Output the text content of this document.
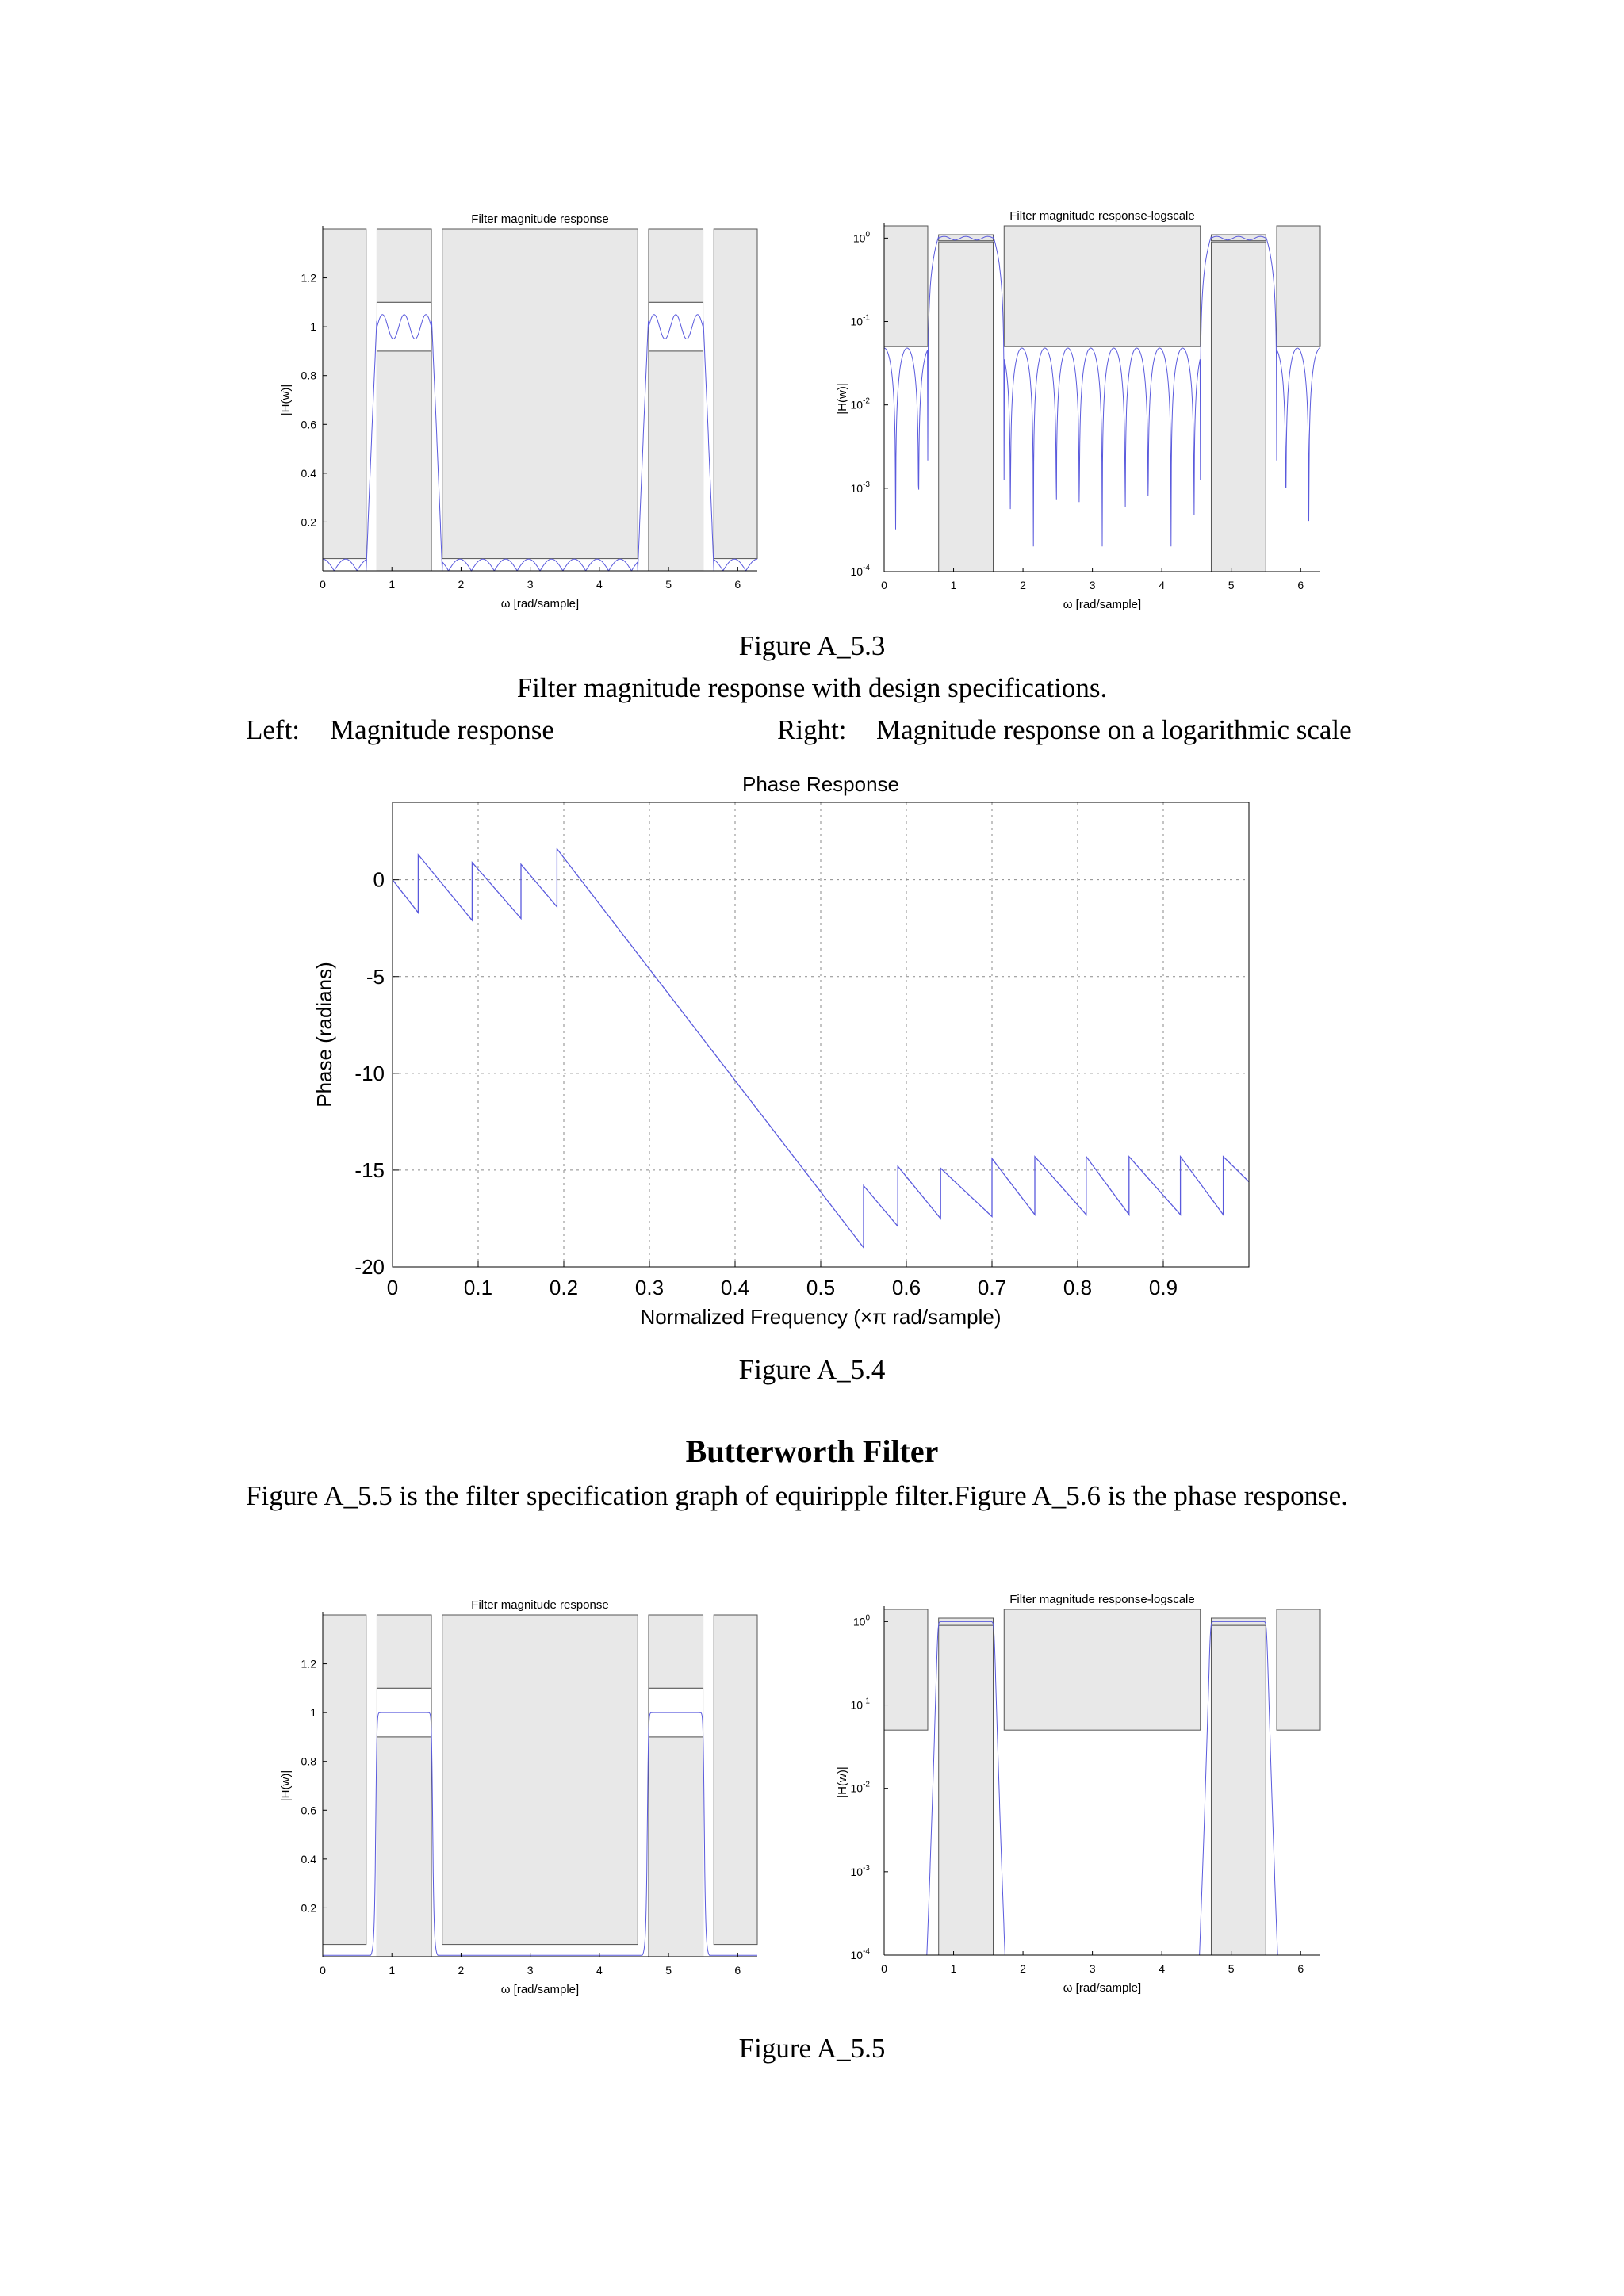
Filter magnitude response
0	1	2	3	4	5	6
0.2
0.4
0.6
0.8
1
1.2
ω [rad/sample]
|H(w)|
Filter magnitude response-logscale
0	1	2	3	4	5	6
$10^0$
$10^{-1}$
$10^{-2}$
$10^{-3}$
$10^{-4}$
ω [rad/sample]
|H(w)|
Figure A_5.3
Filter magnitude response with design specifications.
Left: Magnitude response	Right: Magnitude response on a logarithmic scale
Phase Response
0	0.1	0.2	0.3	0.4	0.5	0.6	0.7	0.8	0.9
0
-5
-10
-15
-20
Normalized Frequency (×π rad/sample)
Phase (radians)
Figure A_5.4
Butterworth Filter
Figure A_5.5 is the filter specification graph of equiripple filter.Figure A_5.6 is the phase response.
Filter magnitude response
0	1	2	3	4	5	6
0.2
0.4
0.6
0.8
1
1.2
ω [rad/sample]
|H(w)|
Filter magnitude response-logscale
0	1	2	3	4	5	6
$10^0$
$10^{-1}$
$10^{-2}$
$10^{-3}$
$10^{-4}$
ω [rad/sample]
|H(w)|
Figure A_5.5
